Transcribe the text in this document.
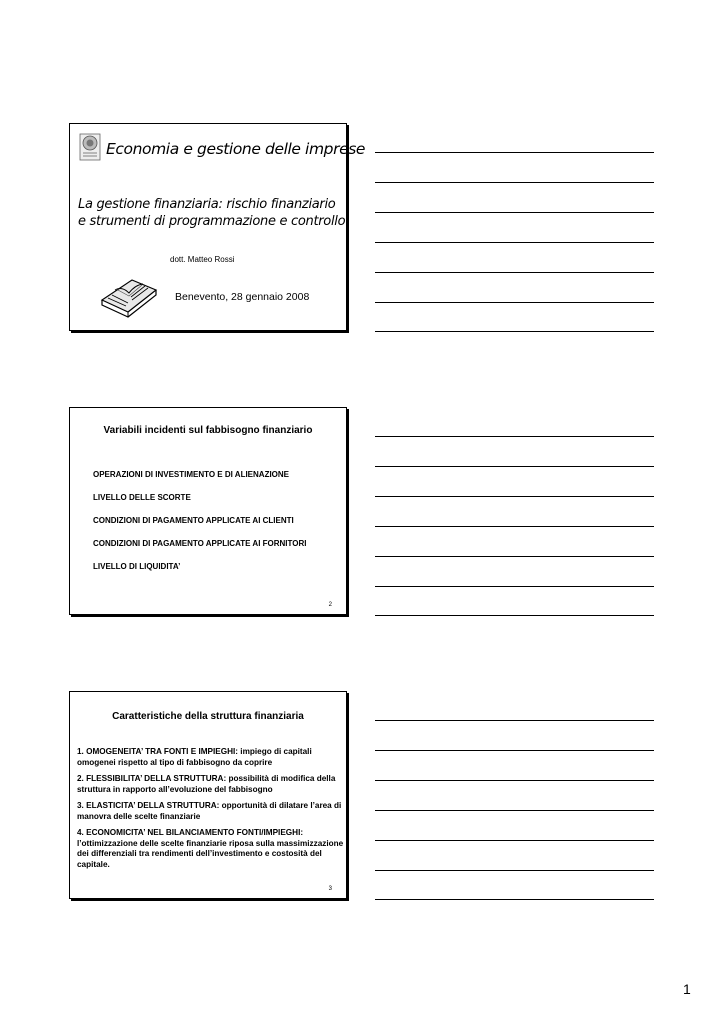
Economia e gestione delle imprese
La gestione finanziaria: rischio finanziario e strumenti di programmazione e controllo
dott. Matteo Rossi
Benevento, 28 gennaio 2008
Variabili incidenti sul fabbisogno finanziario
OPERAZIONI DI INVESTIMENTO E DI ALIENAZIONE
LIVELLO DELLE SCORTE
CONDIZIONI DI PAGAMENTO APPLICATE AI CLIENTI
CONDIZIONI DI PAGAMENTO APPLICATE AI FORNITORI
LIVELLO DI LIQUIDITA’
2
Caratteristiche della struttura finanziaria
1. OMOGENEITA’ TRA FONTI E IMPIEGHI: impiego di capitali omogenei rispetto al tipo di fabbisogno da coprire
2. FLESSIBILITA’ DELLA STRUTTURA: possibilità di modifica della struttura in rapporto all’evoluzione del fabbisogno
3. ELASTICITA’ DELLA STRUTTURA: opportunità di dilatare l’area di manovra delle scelte finanziarie
4. ECONOMICITA’ NEL BILANCIAMENTO FONTI/IMPIEGHI: l’ottimizzazione delle scelte finanziarie riposa sulla massimizzazione dei differenziali tra rendimenti dell’investimento e costosità del capitale.
3
1
